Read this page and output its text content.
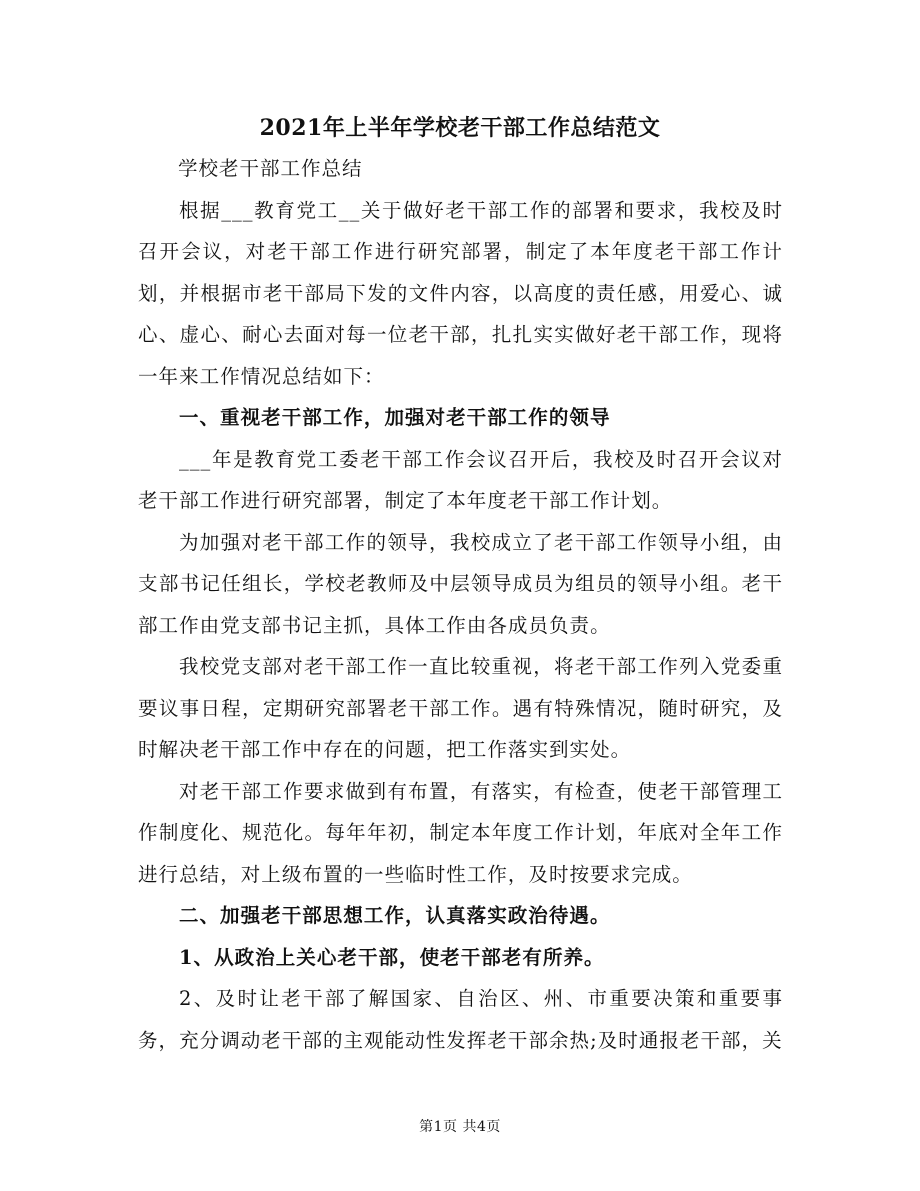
2021年上半年学校老干部工作总结范文

学校老干部工作总结

根据___教育党工__关于做好老干部工作的部署和要求，我校及时召开会议，对老干部工作进行研究部署，制定了本年度老干部工作计划，并根据市老干部局下发的文件内容，以高度的责任感，用爱心、诚心、虚心、耐心去面对每一位老干部，扎扎实实做好老干部工作，现将一年来工作情况总结如下：

一、重视老干部工作，加强对老干部工作的领导

___年是教育党工委老干部工作会议召开后，我校及时召开会议对老干部工作进行研究部署，制定了本年度老干部工作计划。

为加强对老干部工作的领导，我校成立了老干部工作领导小组，由支部书记任组长，学校老教师及中层领导成员为组员的领导小组。老干部工作由党支部书记主抓，具体工作由各成员负责。

我校党支部对老干部工作一直比较重视，将老干部工作列入党委重要议事日程，定期研究部署老干部工作。遇有特殊情况，随时研究，及时解决老干部工作中存在的问题，把工作落实到实处。

对老干部工作要求做到有布置，有落实，有检查，使老干部管理工作制度化、规范化。每年年初，制定本年度工作计划，年底对全年工作进行总结，对上级布置的一些临时性工作，及时按要求完成。

二、加强老干部思想工作，认真落实政治待遇。

1、从政治上关心老干部，使老干部老有所养。

2、及时让老干部了解国家、自治区、州、市重要决策和重要事务，充分调动老干部的主观能动性发挥老干部余热;及时通报老干部，关

第1页 共4页
